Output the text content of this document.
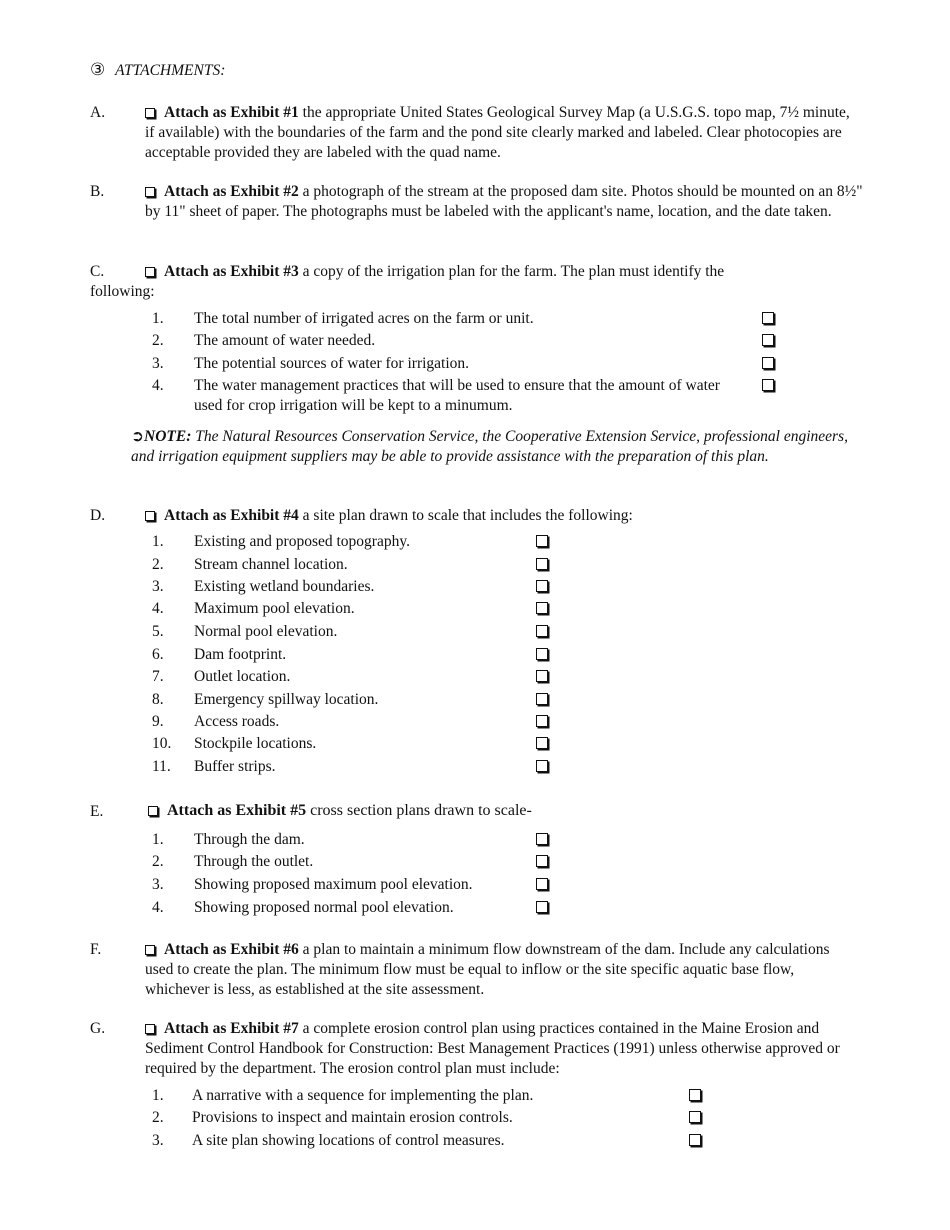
③ ATTACHMENTS:
A.	Attach as Exhibit #1 the appropriate United States Geological Survey Map (a U.S.G.S. topo map, 7½ minute, if available) with the boundaries of the farm and the pond site clearly marked and labeled. Clear photocopies are acceptable provided they are labeled with the quad name.
B.	Attach as Exhibit #2 a photograph of the stream at the proposed dam site. Photos should be mounted on an 8½" by 11" sheet of paper. The photographs must be labeled with the applicant's name, location, and the date taken.
C.	Attach as Exhibit #3 a copy of the irrigation plan for the farm. The plan must identify the
following:
1. The total number of irrigated acres on the farm or unit.
2. The amount of water needed.
3. The potential sources of water for irrigation.
4. The water management practices that will be used to ensure that the amount of water used for crop irrigation will be kept to a minumum.
➲NOTE: The Natural Resources Conservation Service, the Cooperative Extension Service, professional engineers, and irrigation equipment suppliers may be able to provide assistance with the preparation of this plan.
D.	Attach as Exhibit #4 a site plan drawn to scale that includes the following:
1. Existing and proposed topography.
2. Stream channel location.
3. Existing wetland boundaries.
4. Maximum pool elevation.
5. Normal pool elevation.
6. Dam footprint.
7. Outlet location.
8. Emergency spillway location.
9. Access roads.
10. Stockpile locations.
11. Buffer strips.
E.	Attach as Exhibit #5 cross section plans drawn to scale-
1. Through the dam.
2. Through the outlet.
3. Showing proposed maximum pool elevation.
4. Showing proposed normal pool elevation.
F.	Attach as Exhibit #6 a plan to maintain a minimum flow downstream of the dam. Include any calculations used to create the plan. The minimum flow must be equal to inflow or the site specific aquatic base flow, whichever is less, as established at the site assessment.
G.	Attach as Exhibit #7 a complete erosion control plan using practices contained in the Maine Erosion and Sediment Control Handbook for Construction: Best Management Practices (1991) unless otherwise approved or required by the department. The erosion control plan must include:
1. A narrative with a sequence for implementing the plan.
2. Provisions to inspect and maintain erosion controls.
3. A site plan showing locations of control measures.
